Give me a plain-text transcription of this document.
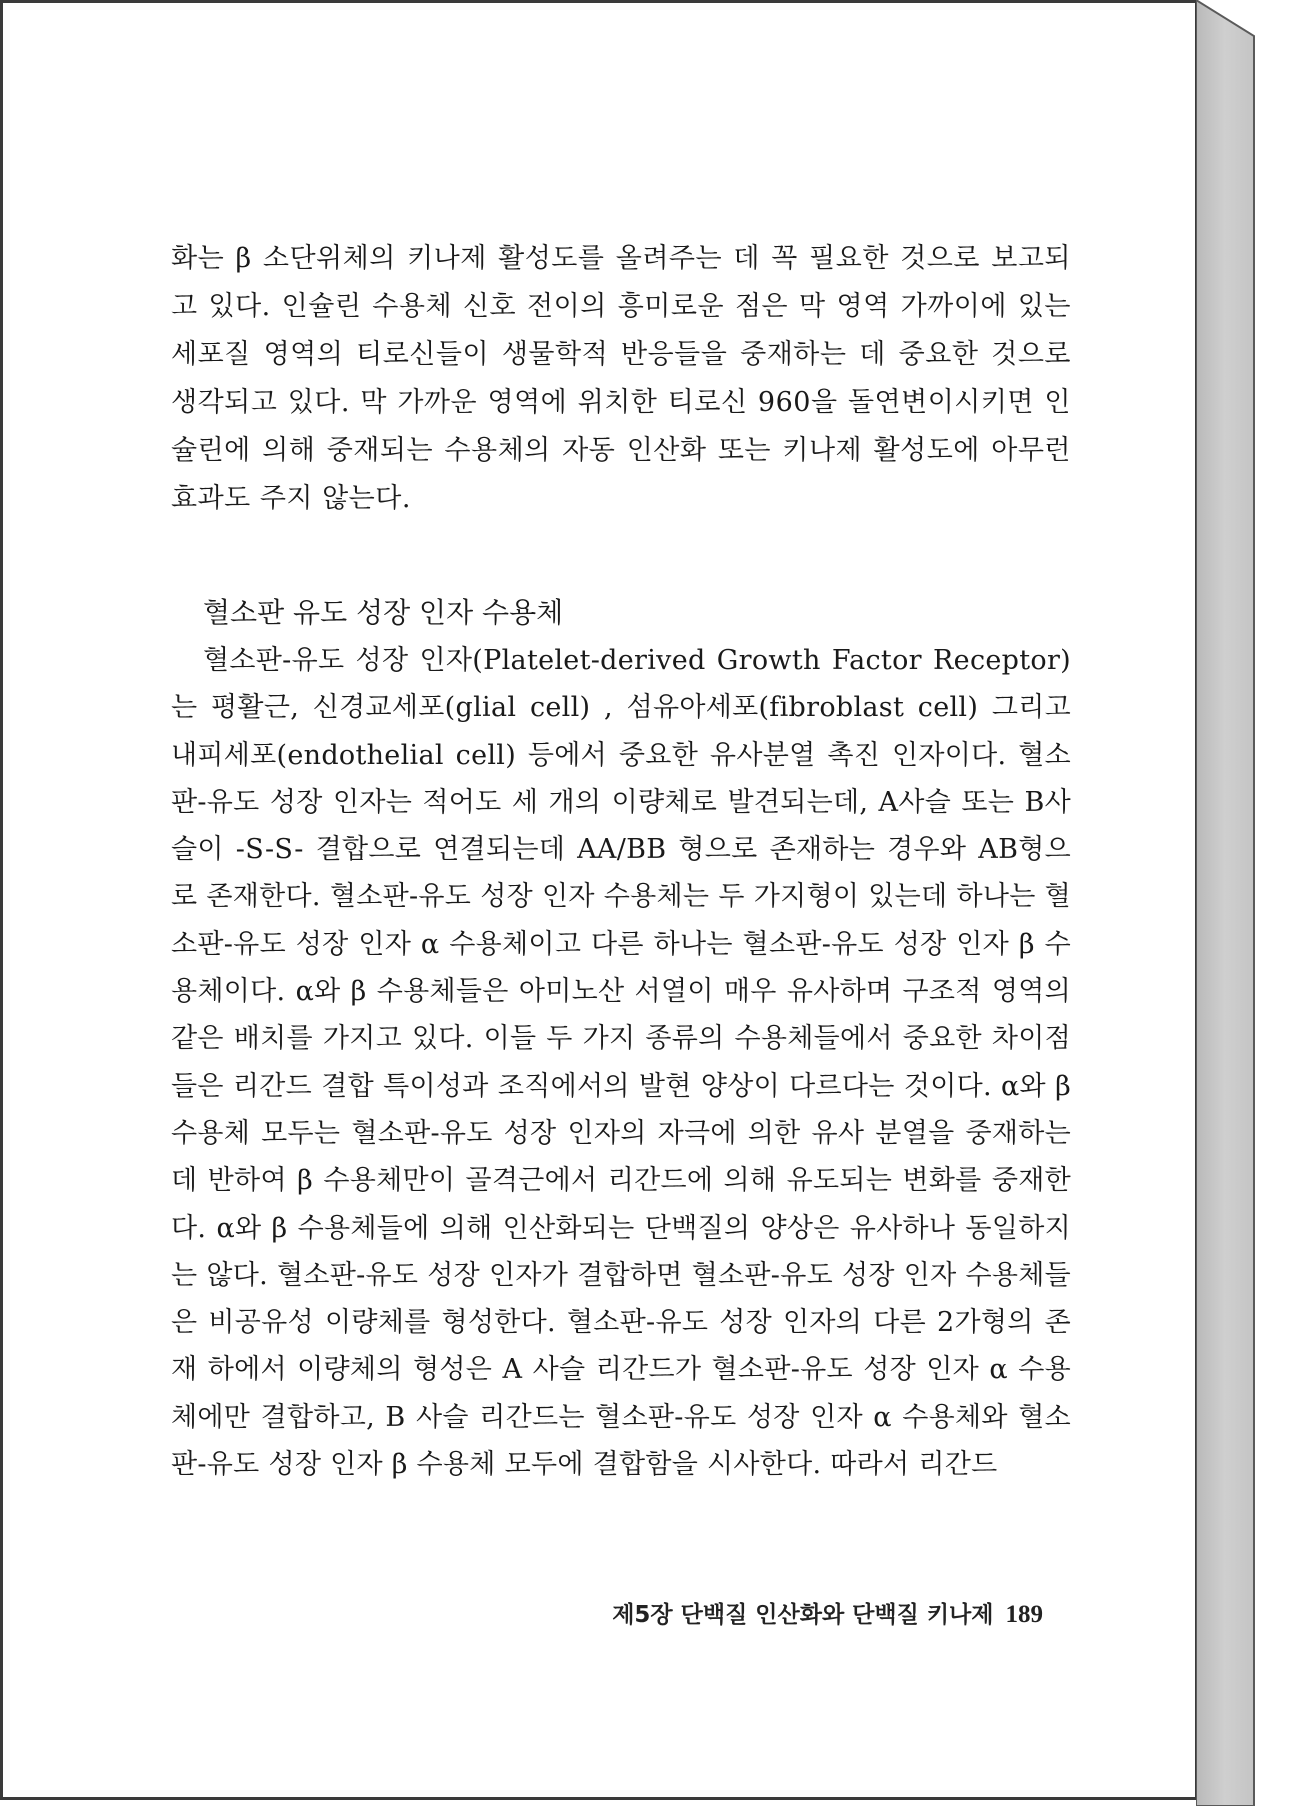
화는 β 소단위체의 키나제 활성도를 올려주는 데 꼭 필요한 것으로 보고되고 있다. 인슐린 수용체 신호 전이의 흥미로운 점은 막 영역 가까이에 있는 세포질 영역의 티로신들이 생물학적 반응들을 중재하는 데 중요한 것으로 생각되고 있다. 막 가까운 영역에 위치한 티로신 960을 돌연변이시키면 인슐린에 의해 중재되는 수용체의 자동 인산화 또는 키나제 활성도에 아무런 효과도 주지 않는다.

혈소판 유도 성장 인자 수용체

혈소판-유도 성장 인자(Platelet-derived Growth Factor Receptor)는 평활근, 신경교세포(glial cell) , 섬유아세포(fibroblast cell) 그리고 내피세포(endothelial cell) 등에서 중요한 유사분열 촉진 인자이다. 혈소판-유도 성장 인자는 적어도 세 개의 이량체로 발견되는데, A사슬 또는 B사슬이 -S-S- 결합으로 연결되는데 AA/BB 형으로 존재하는 경우와 AB형으로 존재한다. 혈소판-유도 성장 인자 수용체는 두 가지형이 있는데 하나는 혈소판-유도 성장 인자 α 수용체이고 다른 하나는 혈소판-유도 성장 인자 β 수용체이다. α와 β 수용체들은 아미노산 서열이 매우 유사하며 구조적 영역의 같은 배치를 가지고 있다. 이들 두 가지 종류의 수용체들에서 중요한 차이점들은 리간드 결합 특이성과 조직에서의 발현 양상이 다르다는 것이다. α와 β 수용체 모두는 혈소판-유도 성장 인자의 자극에 의한 유사 분열을 중재하는데 반하여 β 수용체만이 골격근에서 리간드에 의해 유도되는 변화를 중재한다. α와 β 수용체들에 의해 인산화되는 단백질의 양상은 유사하나 동일하지는 않다. 혈소판-유도 성장 인자가 결합하면 혈소판-유도 성장 인자 수용체들은 비공유성 이량체를 형성한다. 혈소판-유도 성장 인자의 다른 2가형의 존재 하에서 이량체의 형성은 A 사슬 리간드가 혈소판-유도 성장 인자 α 수용체에만 결합하고, B 사슬 리간드는 혈소판-유도 성장 인자 α 수용체와 혈소판-유도 성장 인자 β 수용체 모두에 결합함을 시사한다. 따라서 리간드

제5장 단백질 인산화와 단백질 키나제 189
